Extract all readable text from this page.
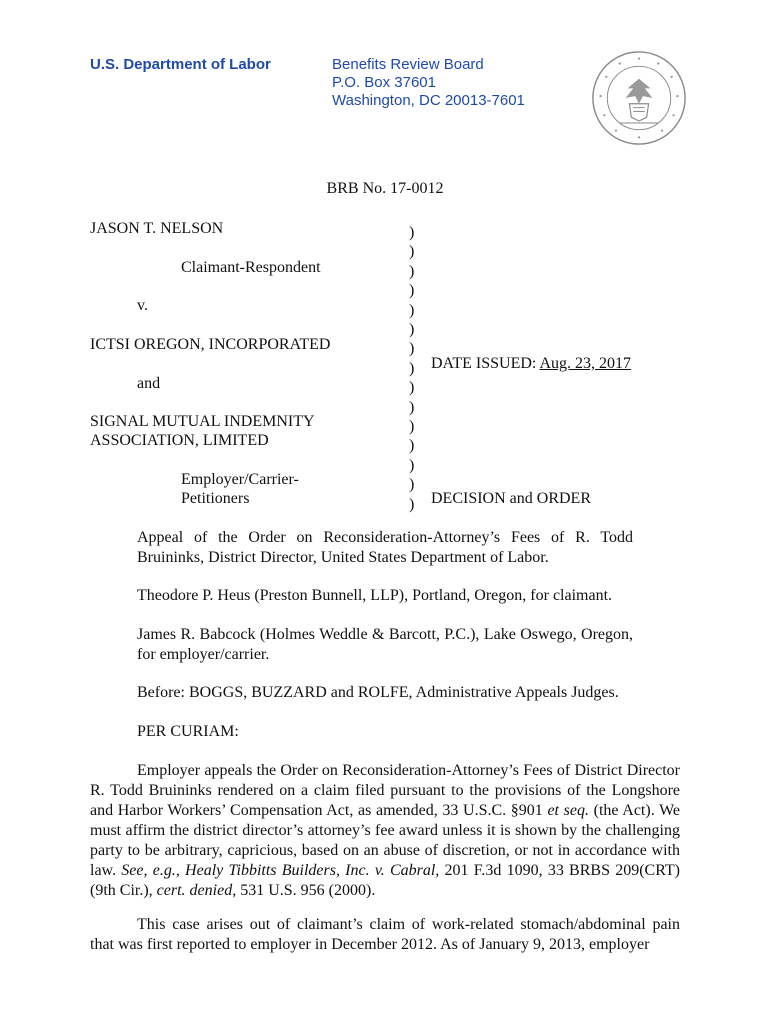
U.S. Department of Labor	Benefits Review Board
P.O. Box 37601
Washington, DC 20013-7601
BRB No. 17-0012
JASON T. NELSON
Claimant-Respondent
v.
ICTSI OREGON, INCORPORATED
and
SIGNAL MUTUAL INDEMNITY
ASSOCIATION, LIMITED
Employer/Carrier-
Petitioners
)
)
)
)
)
)
)
)
)
)
)
)
)
)
)
DATE ISSUED: Aug. 23, 2017
DECISION and ORDER
Appeal of the Order on Reconsideration-Attorney’s Fees of R. Todd Bruininks, District Director, United States Department of Labor.
Theodore P. Heus (Preston Bunnell, LLP), Portland, Oregon, for claimant.
James R. Babcock (Holmes Weddle & Barcott, P.C.), Lake Oswego, Oregon, for employer/carrier.
Before: BOGGS, BUZZARD and ROLFE, Administrative Appeals Judges.
PER CURIAM:
Employer appeals the Order on Reconsideration-Attorney’s Fees of District Director R. Todd Bruininks rendered on a claim filed pursuant to the provisions of the Longshore and Harbor Workers’ Compensation Act, as amended, 33 U.S.C. §901 et seq. (the Act). We must affirm the district director’s attorney’s fee award unless it is shown by the challenging party to be arbitrary, capricious, based on an abuse of discretion, or not in accordance with law. See, e.g., Healy Tibbitts Builders, Inc. v. Cabral, 201 F.3d 1090, 33 BRBS 209(CRT) (9th Cir.), cert. denied, 531 U.S. 956 (2000).
This case arises out of claimant’s claim of work-related stomach/abdominal pain that was first reported to employer in December 2012. As of January 9, 2013, employer
